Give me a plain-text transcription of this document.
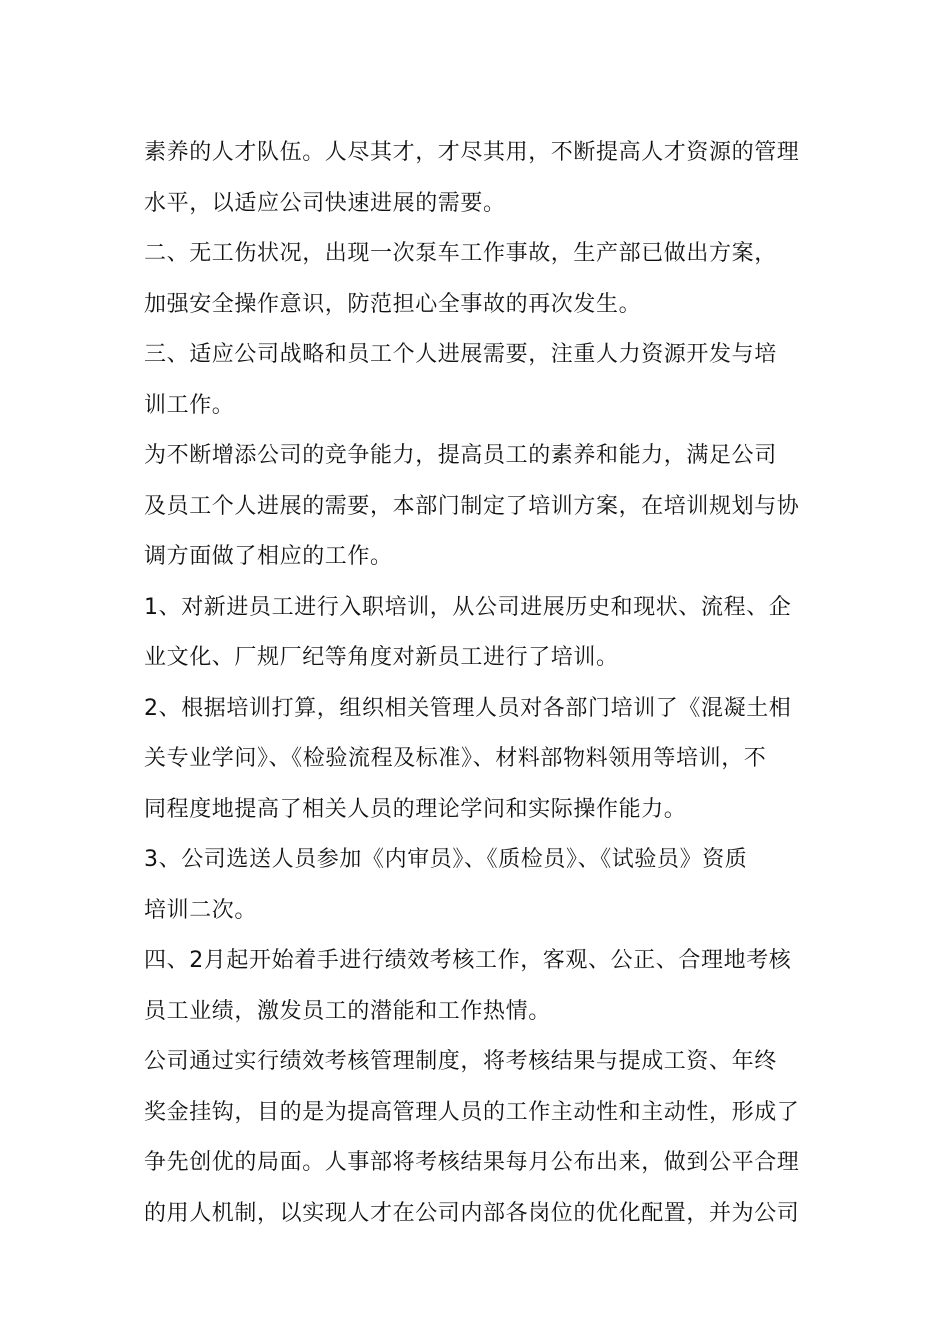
素养的人才队伍。人尽其才，才尽其用，不断提高人才资源的管理
水平，以适应公司快速进展的需要。
二、无工伤状况，出现一次泵车工作事故，生产部已做出方案，
加强安全操作意识，防范担心全事故的再次发生。
三、适应公司战略和员工个人进展需要，注重人力资源开发与培
训工作。
为不断增添公司的竞争能力，提高员工的素养和能力，满足公司
及员工个人进展的需要，本部门制定了培训方案，在培训规划与协
调方面做了相应的工作。
1、对新进员工进行入职培训，从公司进展历史和现状、流程、企
业文化、厂规厂纪等角度对新员工进行了培训。
2、根据培训打算，组织相关管理人员对各部门培训了《混凝土相
关专业学问》、《检验流程及标准》、材料部物料领用等培训，不
同程度地提高了相关人员的理论学问和实际操作能力。
3、公司选送人员参加《内审员》、《质检员》、《试验员》资质
培训二次。
四、2月起开始着手进行绩效考核工作，客观、公正、合理地考核
员工业绩，激发员工的潜能和工作热情。
公司通过实行绩效考核管理制度，将考核结果与提成工资、年终
奖金挂钩，目的是为提高管理人员的工作主动性和主动性，形成了
争先创优的局面。人事部将考核结果每月公布出来，做到公平合理
的用人机制，以实现人才在公司内部各岗位的优化配置，并为公司
